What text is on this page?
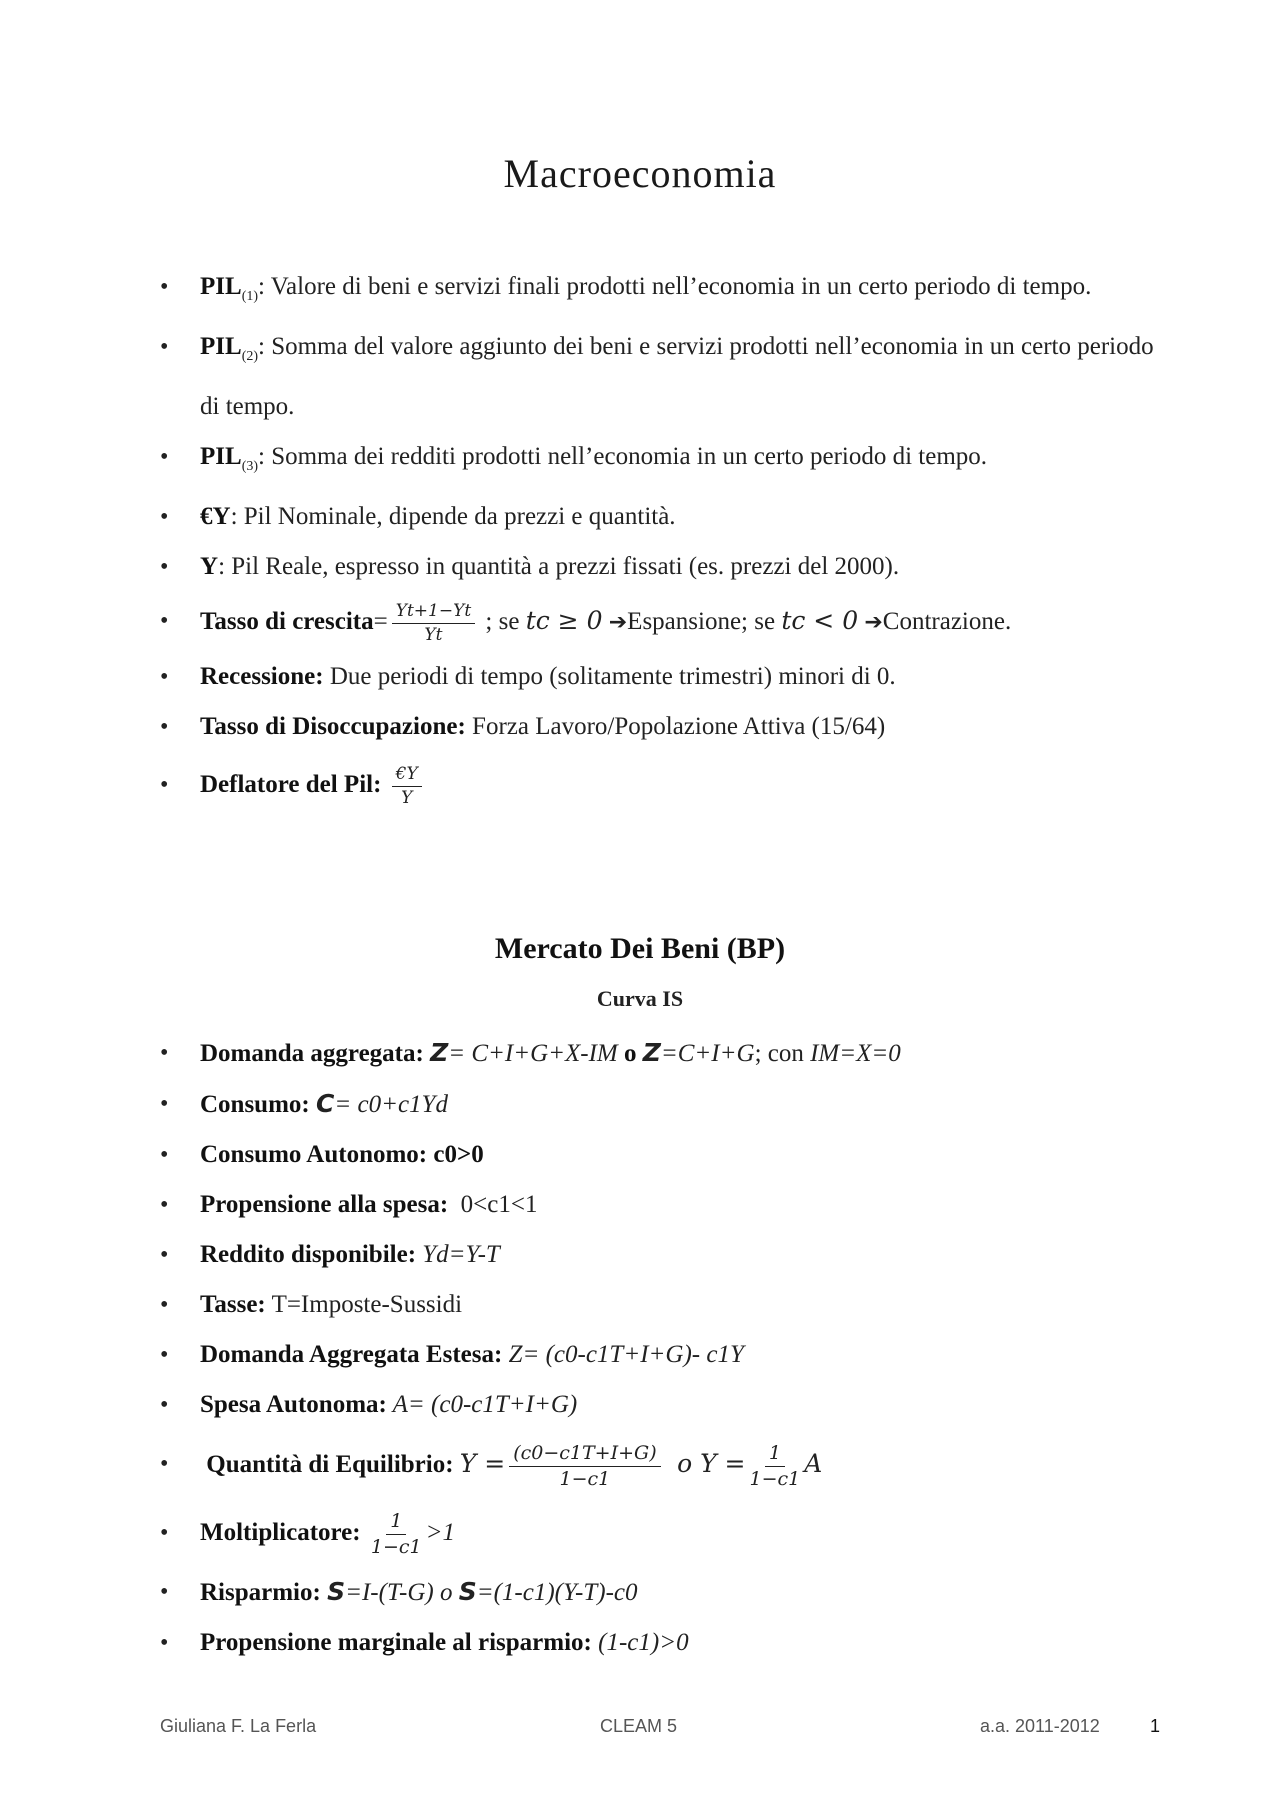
Macroeconomia
• $PIL_{(1)}$: Valore di beni e servizi finali prodotti nell’economia in un certo periodo di tempo.
• $PIL_{(2)}$: Somma del valore aggiunto dei beni e servizi prodotti nell’economia in un certo periodo di tempo.
• $PIL_{(3)}$: Somma dei redditi prodotti nell’economia in un certo periodo di tempo.
• €Y: Pil Nominale, dipende da prezzi e quantità.
• Y: Pil Reale, espresso in quantità a prezzi fissati (es. prezzi del 2000).
• Tasso di crescita= $\frac{Yt+1-Yt}{Yt}$ ; se tc ≥ 0 ➔Espansione; se tc < 0 ➔Contrazione.
• Recessione: Due periodi di tempo (solitamente trimestri) minori di 0.
• Tasso di Disoccupazione: Forza Lavoro/Popolazione Attiva (15/64)
• Deflatore del Pil: $\frac{€Y}{Y}$
Mercato Dei Beni (BP)
Curva IS
• Domanda aggregata: Z= C+I+G+X-IM o Z=C+I+G; con IM=X=0
• Consumo: C= c0+c1Yd
• Consumo Autonomo: c0>0
• Propensione alla spesa: 0<c1<1
• Reddito disponibile: Yd=Y-T
• Tasse: T=Imposte-Sussidi
• Domanda Aggregata Estesa: Z= (c0-c1T+I+G)- c1Y
• Spesa Autonoma: A= (c0-c1T+I+G)
• Quantità di Equilibrio: $Y = \frac{(c0-c1T+I+G)}{1-c1}$ o $Y = \frac{1}{1-c1}$ A
• Moltiplicatore: $\frac{1}{1-c1} >1$
• Risparmio: S=I-(T-G) o S=(1-c1)(Y-T)-c0
• Propensione marginale al risparmio: (1-c1)>0
Giuliana F. La Ferla	CLEAM 5	a.a. 2011-2012	1
